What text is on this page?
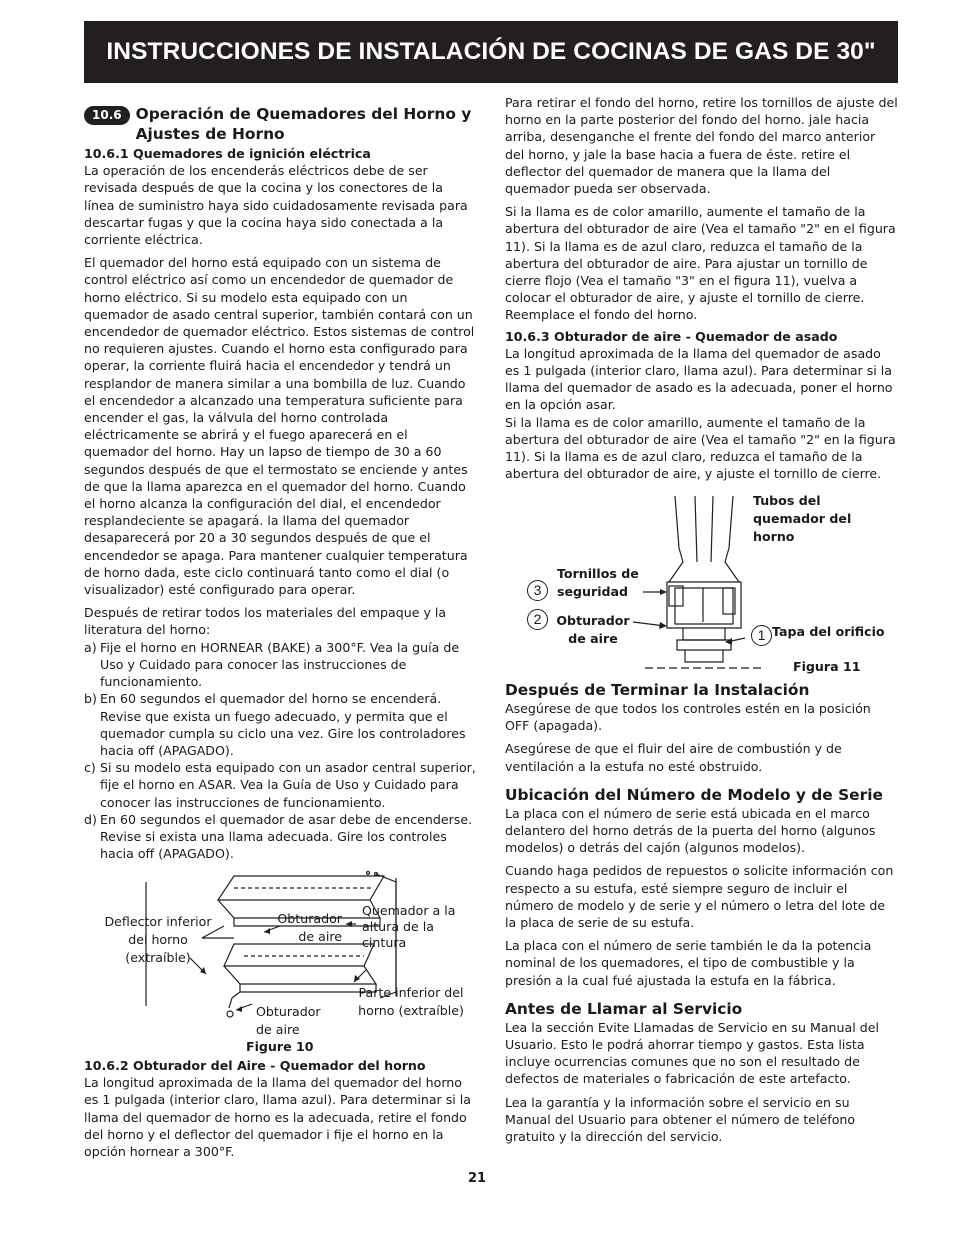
INSTRUCCIONES DE INSTALACIÓN DE COCINAS DE GAS DE 30"
10.6 Operación de Quemadores del Horno y Ajustes de Horno
10.6.1 Quemadores de ignición eléctrica

La operación de los encenderás eléctricos debe de ser revisada después de que la cocina y los conectores de la línea de suministro haya sido cuidadosamente revisada para descartar fugas y que la cocina haya sido conectada a la corriente eléctrica.

El quemador del horno está equipado con un sistema de control eléctrico así como un encendedor de quemador de horno eléctrico. Si su modelo esta equipado con un quemador de asado central superior, también contará con un encendedor de quemador eléctrico. Estos sistemas de control no requieren ajustes. Cuando el horno esta configurado para operar, la corriente fluirá hacia el encendedor y tendrá un resplandor de manera similar a una bombilla de luz. Cuando el encendedor a alcanzado una temperatura suficiente para encender el gas, la válvula del horno controlada eléctricamente se abrirá y el fuego aparecerá en el quemador del horno. Hay un lapso de tiempo de 30 a 60 segundos después de que el termostato se enciende y antes de que la llama aparezca en el quemador del horno. Cuando el horno alcanza la configuración del dial, el encendedor resplandeciente se apagará. la llama del quemador desaparecerá por 20 a 30 segundos después de que el encendedor se apaga. Para mantener cualquier temperatura de horno dada, este ciclo continuará tanto como el dial (o visualizador) esté configurado para operar.

Después de retirar todos los materiales del empaque y la literatura del horno:

a) Fije el horno en HORNEAR (BAKE) a 300°F. Vea la guía de Uso y Cuidado para conocer las instrucciones de funcionamiento.
b) En 60 segundos el quemador del horno se encenderá. Revise que exista un fuego adecuado, y permita que el quemador cumpla su ciclo una vez. Gire los controladores hacia off (APAGADO).
c) Si su modelo esta equipado con un asador central superior, fije el horno en ASAR. Vea la Guía de Uso y Cuidado para conocer las instrucciones de funcionamiento.
d) En 60 segundos el quemador de asar debe de encenderse. Revise si exista una llama adecuada. Gire los controles hacia off (APAGADO).
Deflector inferior del horno (extraíble)
Obturador de aire
Quemador a la altura de la cintura
Parte inferior del horno (extraíble)
Obturador de aire
Figure 10
10.6.2 Obturador del Aire - Quemador del horno

La longitud aproximada de la llama del quemador del horno es 1 pulgada (interior claro, llama azul). Para determinar si la llama del quemador de horno es la adecuada, retire el fondo del horno y el deflector del quemador i fije el horno en la opción hornear a 300°F.

Para retirar el fondo del horno, retire los tornillos de ajuste del horno en la parte posterior del fondo del horno. jale hacia arriba, desenganche el frente del fondo del marco anterior del horno, y jale la base hacia a fuera de éste. retire el deflector del quemador de manera que la llama del quemador pueda ser observada.

Si la llama es de color amarillo, aumente el tamaño de la abertura del obturador de aire (Vea el tamaño "2" en el figura 11). Si la llama es de azul claro, reduzca el tamaño de la abertura del obturador de aire. Para ajustar un tornillo de cierre flojo (Vea el tamaño "3" en el figura 11), vuelva a colocar el obturador de aire, y ajuste el tornillo de cierre. Reemplace el fondo del horno.

10.6.3 Obturador de aire - Quemador de asado

La longitud aproximada de la llama del quemador de asado es 1 pulgada (interior claro, llama azul). Para determinar si la llama del quemador de asado es la adecuada, poner el horno en la opción asar.

Si la llama es de color amarillo, aumente el tamaño de la abertura del obturador de aire (Vea el tamaño "2" en la figura 11). Si la llama es de azul claro, reduzca el tamaño de la abertura del obturador de aire, y ajuste el tornillo de cierre.

Tubos del quemador del horno
Tornillos de seguridad
Obturador de aire	Tapa del orificio
3
2
1
Figura 11
Después de Terminar la Instalación

Asegúrese de que todos los controles estén en la posición OFF (apagada).

Asegúrese de que el fluir del aire de combustión y de ventilación a la estufa no esté obstruido.

Ubicación del Número de Modelo y de Serie

La placa con el número de serie está ubicada en el marco delantero del horno detrás de la puerta del horno (algunos modelos) o detrás del cajón (algunos modelos).

Cuando haga pedidos de repuestos o solicite información con respecto a su estufa, esté siempre seguro de incluir el número de modelo y de serie y el número o letra del lote de la placa de serie de su estufa.

La placa con el número de serie también le da la potencia nominal de los quemadores, el tipo de combustible y la presión a la cual fué ajustada la estufa en la fábrica.

Antes de Llamar al Servicio

Lea la sección Evite Llamadas de Servicio en su Manual del Usuario. Esto le podrá ahorrar tiempo y gastos. Esta lista incluye ocurrencias comunes que no son el resultado de defectos de materiales o fabricación de este artefacto.

Lea la garantía y la información sobre el servicio en su Manual del Usuario para obtener el número de teléfono gratuito y la dirección del servicio.

21
